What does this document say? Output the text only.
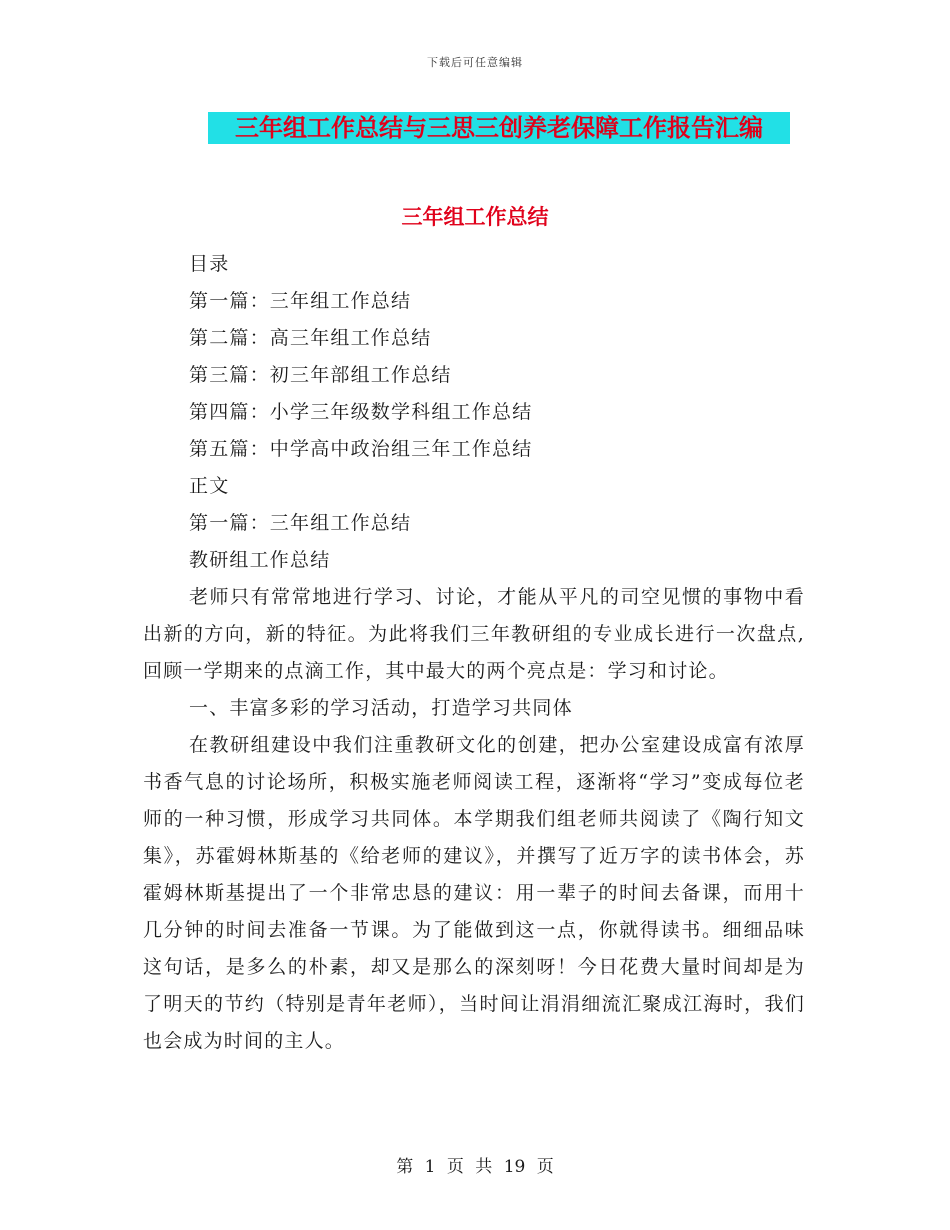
下载后可任意编辑
三年组工作总结与三思三创养老保障工作报告汇编
三年组工作总结

目录

第一篇：三年组工作总结

第二篇：高三年组工作总结

第三篇：初三年部组工作总结

第四篇：小学三年级数学科组工作总结

第五篇：中学高中政治组三年工作总结

正文

第一篇：三年组工作总结

教研组工作总结

老师只有常常地进行学习、讨论，才能从平凡的司空见惯的事物中看出新的方向，新的特征。为此将我们三年教研组的专业成长进行一次盘点,回顾一学期来的点滴工作，其中最大的两个亮点是：学习和讨论。

一、丰富多彩的学习活动，打造学习共同体

在教研组建设中我们注重教研文化的创建，把办公室建设成富有浓厚书香气息的讨论场所，积极实施老师阅读工程，逐渐将“学习”变成每位老师的一种习惯，形成学习共同体。本学期我们组老师共阅读了《陶行知文集》，苏霍姆林斯基的《给老师的建议》，并撰写了近万字的读书体会，苏霍姆林斯基提出了一个非常忠恳的建议：用一辈子的时间去备课，而用十几分钟的时间去准备一节课。为了能做到这一点，你就得读书。细细品味这句话，是多么的朴素，却又是那么的深刻呀！今日花费大量时间却是为了明天的节约（特别是青年老师），当时间让涓涓细流汇聚成江海时，我们也会成为时间的主人。

第 1 页 共 19 页
